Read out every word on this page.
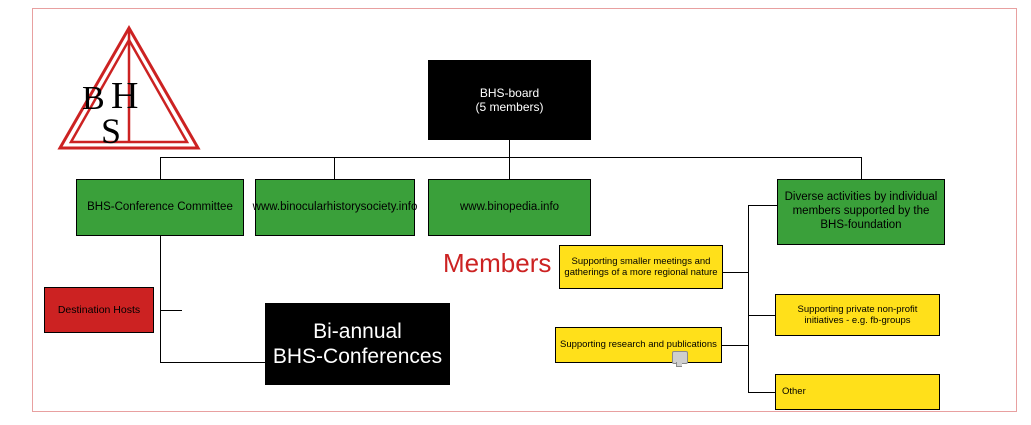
B H
S
BHS-board
(5 members)
BHS-Conference Committee www.binocularhistorysociety.info	www.binopedia.info
Diverse activities by individual members supported by the BHS-foundation
Destination Hosts
Bi-annual
BHS-Conferences
Supporting smaller meetings and gatherings of a more regional nature
Supporting research and publications
Supporting private non-profit initiatives - e.g. fb-groups
Other
Members
